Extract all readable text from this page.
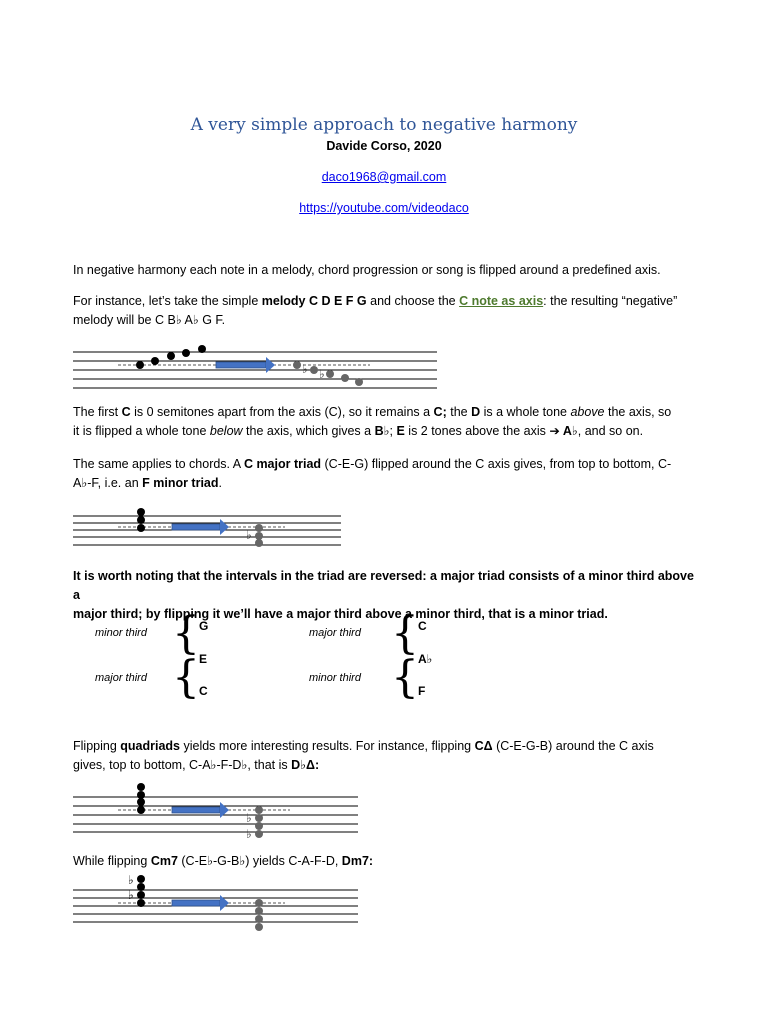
A very simple approach to negative harmony
Davide Corso, 2020
daco1968@gmail.com
https://youtube.com/videodaco
In negative harmony each note in a melody, chord progression or song is flipped around a predefined axis.
For instance, let’s take the simple melody C D E F G and choose the C note as axis: the resulting “negative”
melody will be C B♭ A♭ G F.
♭ ♭
The first C is 0 semitones apart from the axis (C), so it remains a C; the D is a whole tone above the axis, so
it is flipped a whole tone below the axis, which gives a B♭; E is 2 tones above the axis ➔ A♭, and so on.
The same applies to chords. A C major triad (C-E-G) flipped around the C axis gives, from top to bottom, C-
A♭-F, i.e. an F minor triad.
♭
It is worth noting that the intervals in the triad are reversed: a major triad consists of a minor third above a
major third; by flipping it we’ll have a major third above a minor third, that is a minor triad.
minor third
major third
{
{
G
E
C
major third
minor third
{
{
C
A♭
F
Flipping quadriads yields more interesting results. For instance, flipping CΔ (C-E-G-B) around the C axis
gives, top to bottom, C-A♭-F-D♭, that is D♭Δ:
♭
♭
While flipping Cm7 (C-E♭-G-B♭) yields C-A-F-D, Dm7:
♭
♭
